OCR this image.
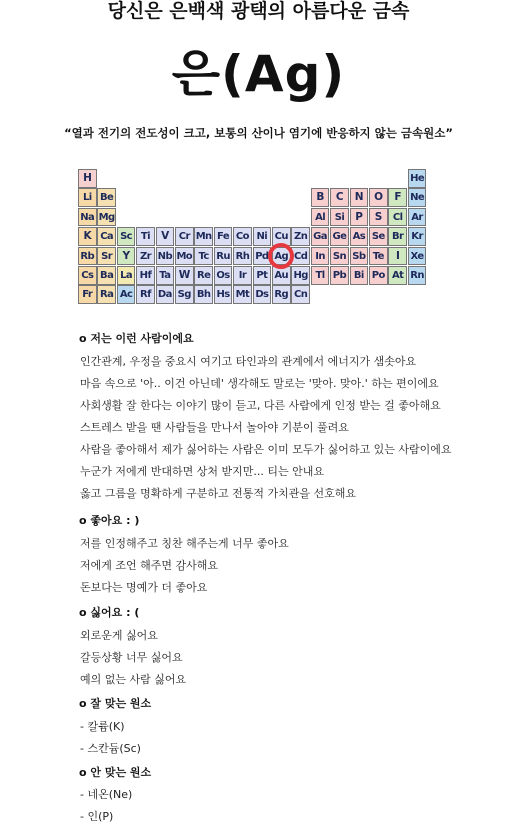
당신은 은백색 광택의 아름다운 금속
은(Ag)
“열과 전기의 전도성이 크고, 보통의 산이나 염기에 반응하지 않는 금속원소”
H	He
Li Be	B	C	N	O	F Ne
Na Mg	Al Si	P	S	Cl Ar
K Ca Sc Ti	V	Cr Mn Fe Co Ni Cu Zn Ga Ge As Se Br Kr
Rb Sr Y	Zr Nb Mo Tc Ru Rh Pd Ag Cd In Sn Sb Te	I	Xe
Cs Ba La Hf Ta W Re Os Ir	Pt Au Hg Tl Pb Bi Po At Rn
Fr Ra Ac Rf Da Sg Bh Hs Mt Ds Rg Cn
o 저는 이런 사람이에요
인간관계, 우정을 중요시 여기고 타인과의 관계에서 에너지가 샘솟아요
마음 속으로 '아.. 이건 아닌데' 생각해도 말로는 '맞아. 맞아.' 하는 편이에요
사회생활 잘 한다는 이야기 많이 듣고, 다른 사람에게 인정 받는 걸 좋아해요
스트레스 받을 땐 사람들을 만나서 놀아야 기분이 풀려요
사람을 좋아해서 제가 싫어하는 사람은 이미 모두가 싫어하고 있는 사람이에요
누군가 저에게 반대하면 상처 받지만... 티는 안내요
옳고 그름을 명확하게 구분하고 전통적 가치관을 선호해요
o 좋아요 : )
저를 인정해주고 칭찬 해주는게 너무 좋아요
저에게 조언 해주면 감사해요
돈보다는 명예가 더 좋아요
o 싫어요 : (
외로운게 싫어요
갈등상황 너무 싫어요
예의 없는 사람 싫어요
o 잘 맞는 원소
- 칼륨(K)
- 스칸듐(Sc)
o 안 맞는 원소
- 네온(Ne)
- 인(P)
